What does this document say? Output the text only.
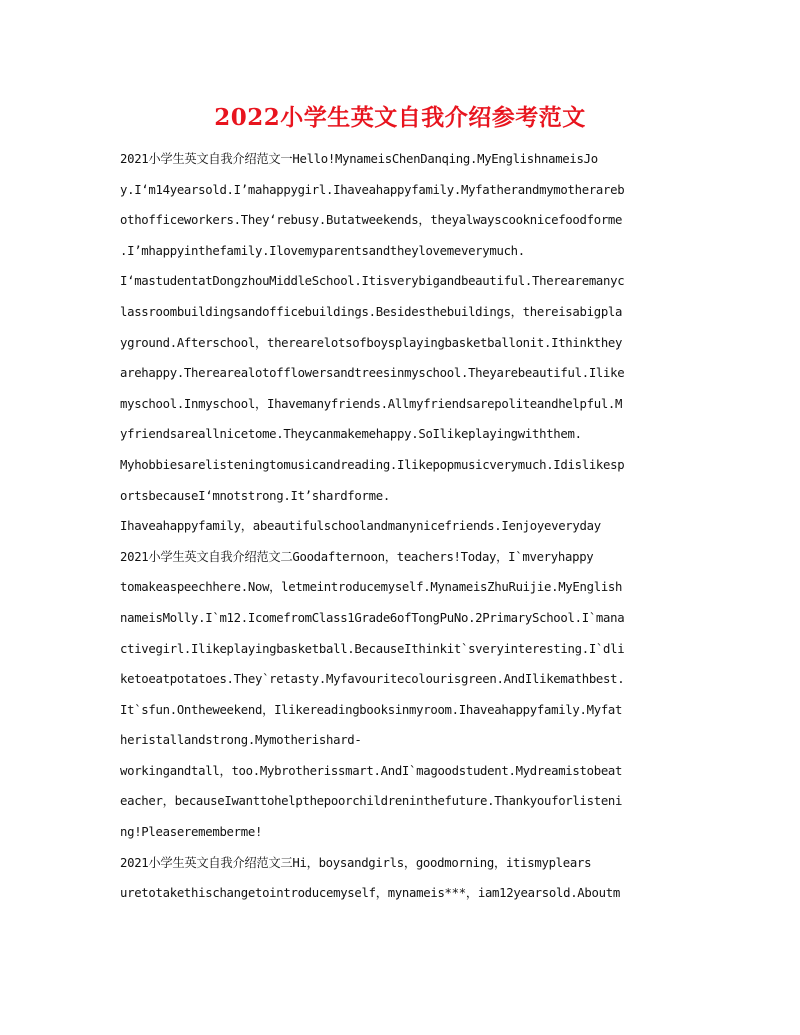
2022小学生英文自我介绍参考范文
2021小学生英文自我介绍范文一Hello!MynameisChenDanqing.MyEnglishnameisJo
y.I‘m14yearsold.I’mahappygirl.Ihaveahappyfamily.Myfatherandmymotherareb
othofficeworkers.They‘rebusy.Butatweekends，theyalwayscooknicefoodforme
.I’mhappyinthefamily.Ilovemyparentsandtheylovemeverymuch.
I‘mastudentatDongzhouMiddleSchool.Itisverybigandbeautiful.Therearemanyc
lassroombuildingsandofficebuildings.Besidesthebuildings，thereisabigpla
yground.Afterschool，therearelotsofboysplayingbasketballonit.Ithinkthey
arehappy.Therearealotofflowersandtreesinmyschool.Theyarebeautiful.Ilike
myschool.Inmyschool，Ihavemanyfriends.Allmyfriendsarepoliteandhelpful.M
yfriendsareallnicetome.Theycanmakemehappy.SoIlikeplayingwiththem.
Myhobbiesarelisteningtomusicandreading.Ilikepopmusicverymuch.Idislikesp
ortsbecauseI‘mnotstrong.It’shardforme.
Ihaveahappyfamily，abeautifulschoolandmanynicefriends.Ienjoyeveryday
2021小学生英文自我介绍范文二Goodafternoon，teachers!Today，I`mveryhappy
tomakeaspeechhere.Now，letmeintroducemyself.MynameisZhuRuijie.MyEnglish
nameisMolly.I`m12.IcomefromClass1Grade6ofTongPuNo.2PrimarySchool.I`mana
ctivegirl.Ilikeplayingbasketball.BecauseIthinkit`sveryinteresting.I`dli
ketoeatpotatoes.They`retasty.Myfavouritecolourisgreen.AndIlikemathbest.
It`sfun.Ontheweekend，Ilikereadingbooksinmyroom.Ihaveahappyfamily.Myfat
heristallandstrong.Mymotherishard-
workingandtall，too.Mybrotherissmart.AndI`magoodstudent.Mydreamistobeat
eacher，becauseIwanttohelpthepoorchildreninthefuture.Thankyouforlisteni
ng!Pleaserememberme!
2021小学生英文自我介绍范文三Hi，boysandgirls，goodmorning，itismyplears
uretotakethischangetointroducemyself，mynameis***，iam12yearsold.Aboutm
